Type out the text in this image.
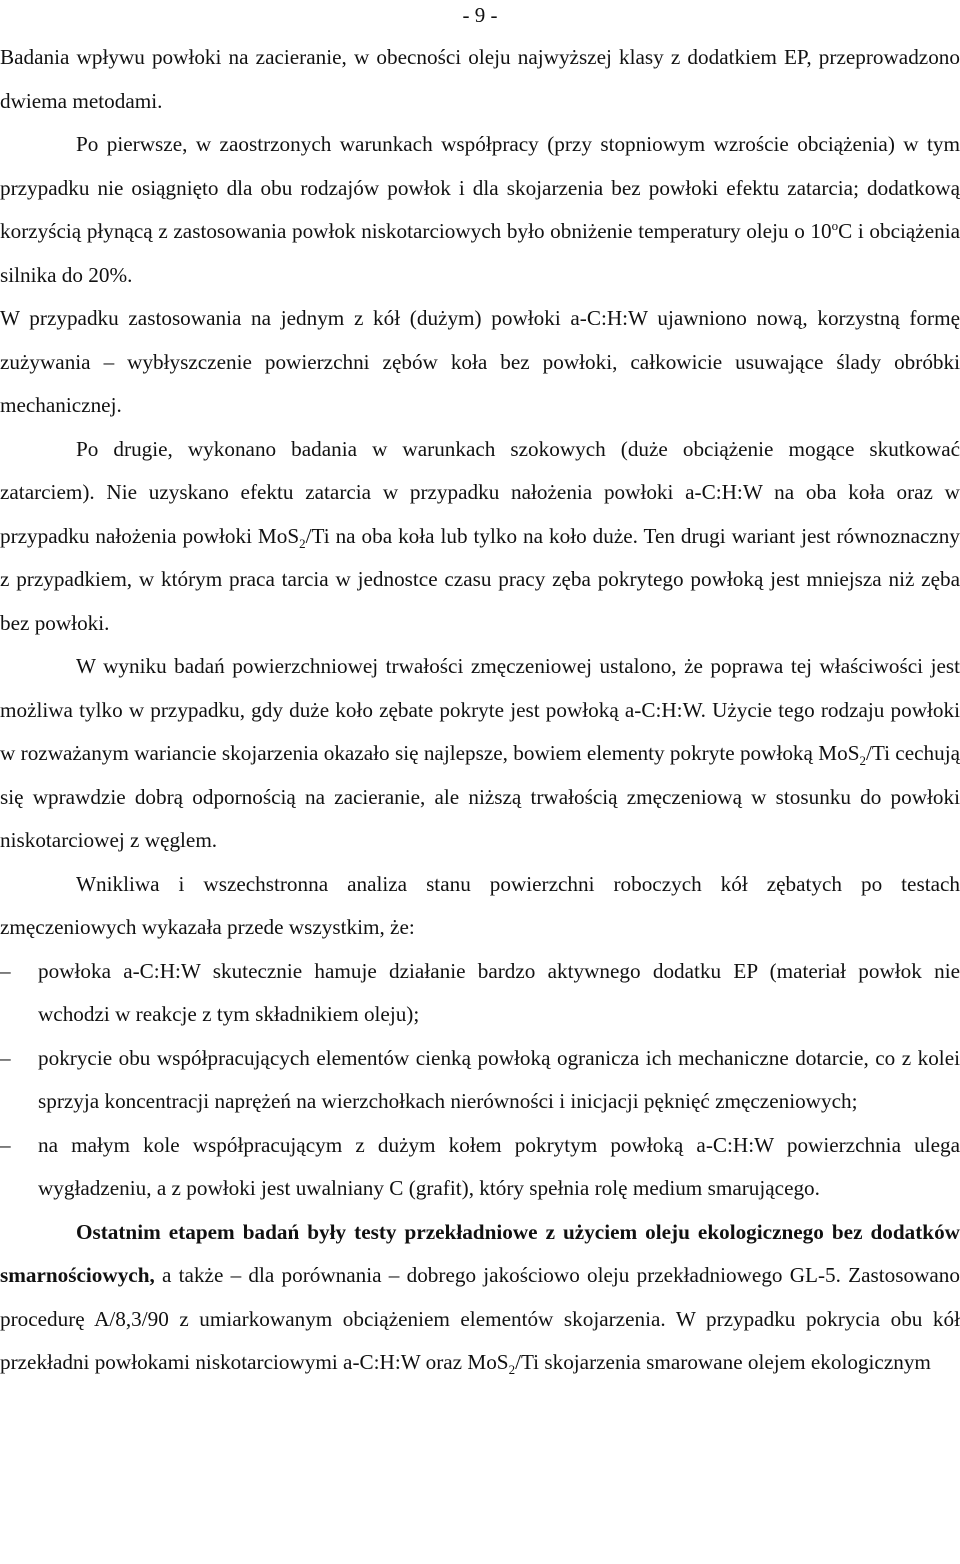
- 9 -

Badania wpływu powłoki na zacieranie, w obecności oleju najwyższej klasy z dodatkiem EP, przeprowadzono dwiema metodami.

Po pierwsze, w zaostrzonych warunkach współpracy (przy stopniowym wzroście obciążenia) w tym przypadku nie osiągnięto dla obu rodzajów powłok i dla skojarzenia bez powłoki efektu zatarcia; dodatkową korzyścią płynącą z zastosowania powłok niskotarciowych było obniżenie temperatury oleju o 10$^o$C i obciążenia silnika do 20%.

W przypadku zastosowania na jednym z kół (dużym) powłoki a-C:H:W ujawniono nową, korzystną formę zużywania – wybłyszczenie powierzchni zębów koła bez powłoki, całkowicie usuwające ślady obróbki mechanicznej.

Po drugie, wykonano badania w warunkach szokowych (duże obciążenie mogące skutkować zatarciem). Nie uzyskano efektu zatarcia w przypadku nałożenia powłoki a-C:H:W na oba koła oraz w przypadku nałożenia powłoki MoS$_2$/Ti na oba koła lub tylko na koło duże. Ten drugi wariant jest równoznaczny z przypadkiem, w którym praca tarcia w jednostce czasu pracy zęba pokrytego powłoką jest mniejsza niż zęba bez powłoki.

W wyniku badań powierzchniowej trwałości zmęczeniowej ustalono, że poprawa tej właściwości jest możliwa tylko w przypadku, gdy duże koło zębate pokryte jest powłoką a-C:H:W. Użycie tego rodzaju powłoki w rozważanym wariancie skojarzenia okazało się najlepsze, bowiem elementy pokryte powłoką MoS$_2$/Ti cechują się wprawdzie dobrą odpornością na zacieranie, ale niższą trwałością zmęczeniową w stosunku do powłoki niskotarciowej z węglem.

Wnikliwa i wszechstronna analiza stanu powierzchni roboczych kół zębatych po testach zmęczeniowych wykazała przede wszystkim, że:

–	powłoka a-C:H:W skutecznie hamuje działanie bardzo aktywnego dodatku EP (materiał powłok nie wchodzi w reakcje z tym składnikiem oleju);
–	pokrycie obu współpracujących elementów cienką powłoką ogranicza ich mechaniczne dotarcie, co z kolei sprzyja koncentracji naprężeń na wierzchołkach nierówności i inicjacji pęknięć zmęczeniowych;
–	na małym kole współpracującym z dużym kołem pokrytym powłoką a-C:H:W powierzchnia ulega wygładzeniu, a z powłoki jest uwalniany C (grafit), który spełnia rolę medium smarującego.

Ostatnim etapem badań były testy przekładniowe z użyciem oleju ekologicznego bez dodatków smarnościowych, a także – dla porównania – dobrego jakościowo oleju przekładniowego GL-5. Zastosowano procedurę A/8,3/90 z umiarkowanym obciążeniem elementów skojarzenia. W przypadku pokrycia obu kół przekładni powłokami niskotarciowymi a-C:H:W oraz MoS$_2$/Ti skojarzenia smarowane olejem ekologicznym
